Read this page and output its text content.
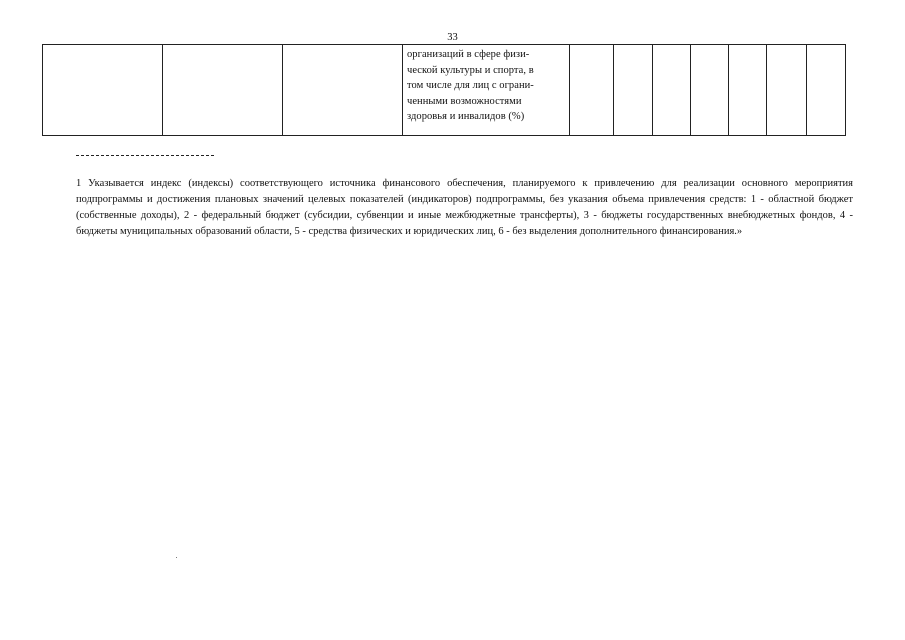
33
			организаций в сфере физи-
ческой культуры и спорта, в
том числе для лиц с ограни-
ченными возможностями
здоровья и инвалидов (%)							
1 Указывается индекс (индексы) соответствующего источника финансового обеспечения, планируемого к привлечению для реализации основного мероприятия подпрограммы и достижения плановых значений целевых показателей (индикаторов) подпрограммы, без указания объема привлечения средств: 1 - областной бюджет (собственные доходы), 2 - федеральный бюджет (субсидии, субвенции и иные межбюджетные трансферты), 3 - бюджеты государственных внебюджетных фондов, 4 - бюджеты муниципальных образований области, 5 - средства физических и юридических лиц, 6 - без выделения дополнительного финансирования.»
